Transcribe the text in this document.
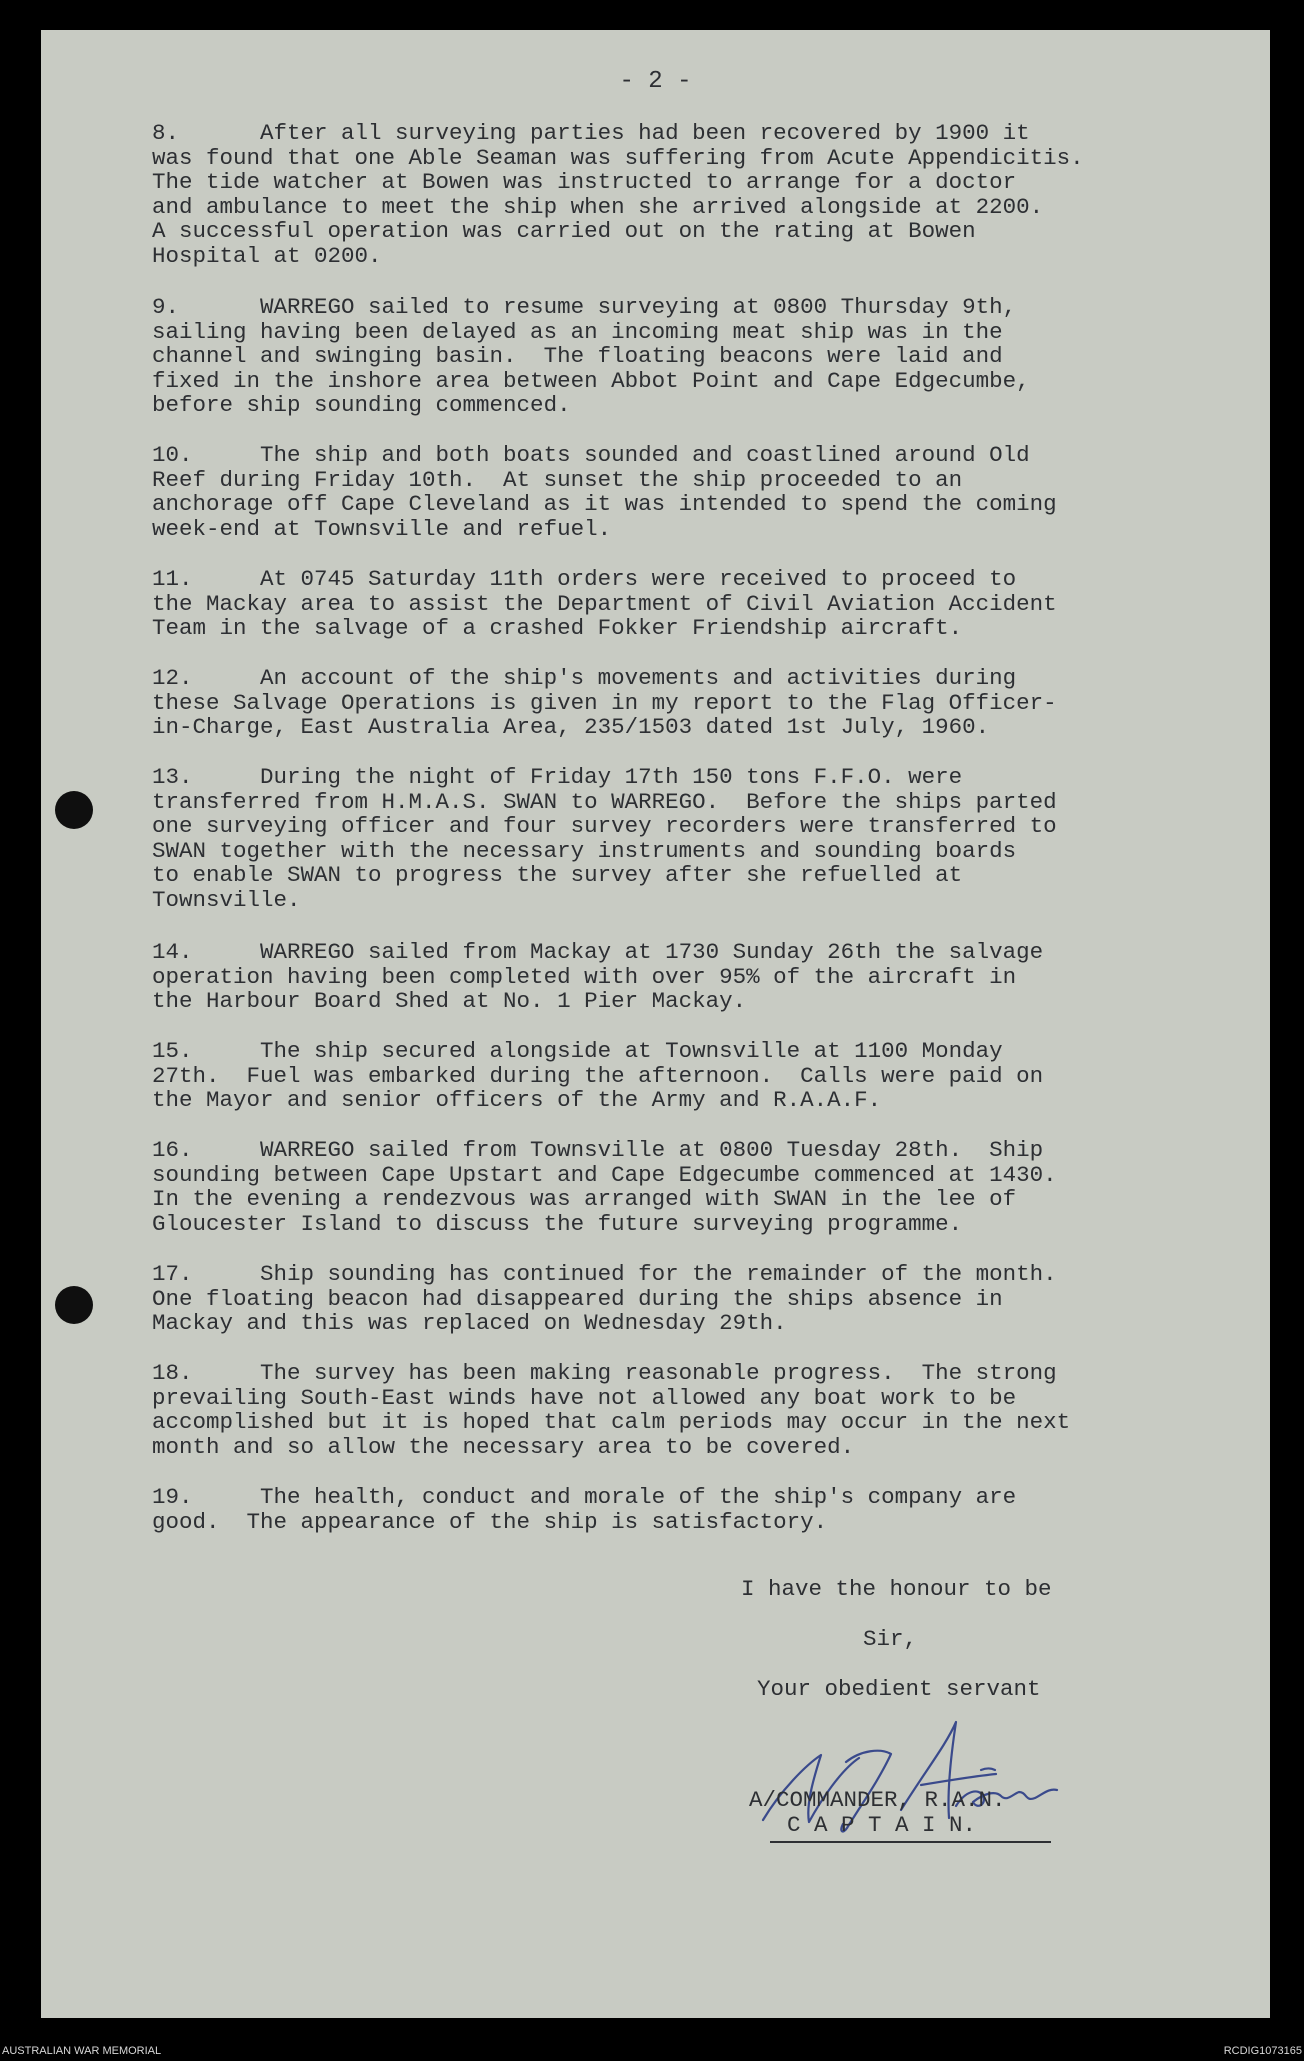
- 2 -

8.      After all surveying parties had been recovered by 1900 it
was found that one Able Seaman was suffering from Acute Appendicitis.
The tide watcher at Bowen was instructed to arrange for a doctor
and ambulance to meet the ship when she arrived alongside at 2200.
A successful operation was carried out on the rating at Bowen
Hospital at 0200.

9.      WARREGO sailed to resume surveying at 0800 Thursday 9th,
sailing having been delayed as an incoming meat ship was in the
channel and swinging basin.  The floating beacons were laid and
fixed in the inshore area between Abbot Point and Cape Edgecumbe,
before ship sounding commenced.

10.     The ship and both boats sounded and coastlined around Old
Reef during Friday 10th.  At sunset the ship proceeded to an
anchorage off Cape Cleveland as it was intended to spend the coming
week-end at Townsville and refuel.

11.     At 0745 Saturday 11th orders were received to proceed to
the Mackay area to assist the Department of Civil Aviation Accident
Team in the salvage of a crashed Fokker Friendship aircraft.

12.     An account of the ship's movements and activities during
these Salvage Operations is given in my report to the Flag Officer-
in-Charge, East Australia Area, 235/1503 dated 1st July, 1960.

13.     During the night of Friday 17th 150 tons F.F.O. were
transferred from H.M.A.S. SWAN to WARREGO.  Before the ships parted
one surveying officer and four survey recorders were transferred to
SWAN together with the necessary instruments and sounding boards
to enable SWAN to progress the survey after she refuelled at
Townsville.

14.     WARREGO sailed from Mackay at 1730 Sunday 26th the salvage
operation having been completed with over 95% of the aircraft in
the Harbour Board Shed at No. 1 Pier Mackay.

15.     The ship secured alongside at Townsville at 1100 Monday
27th.  Fuel was embarked during the afternoon.  Calls were paid on
the Mayor and senior officers of the Army and R.A.A.F.

16.     WARREGO sailed from Townsville at 0800 Tuesday 28th.  Ship
sounding between Cape Upstart and Cape Edgecumbe commenced at 1430.
In the evening a rendezvous was arranged with SWAN in the lee of
Gloucester Island to discuss the future surveying programme.

17.     Ship sounding has continued for the remainder of the month.
One floating beacon had disappeared during the ships absence in
Mackay and this was replaced on Wednesday 29th.

18.     The survey has been making reasonable progress.  The strong
prevailing South-East winds have not allowed any boat work to be
accomplished but it is hoped that calm periods may occur in the next
month and so allow the necessary area to be covered.

19.     The health, conduct and morale of the ship's company are
good.  The appearance of the ship is satisfactory.

I have the honour to be
Sir,
Your obedient servant
A/COMMANDER, R.A.N.
C A P T A I N.
AUSTRALIAN WAR MEMORIAL	RCDIG1073165
